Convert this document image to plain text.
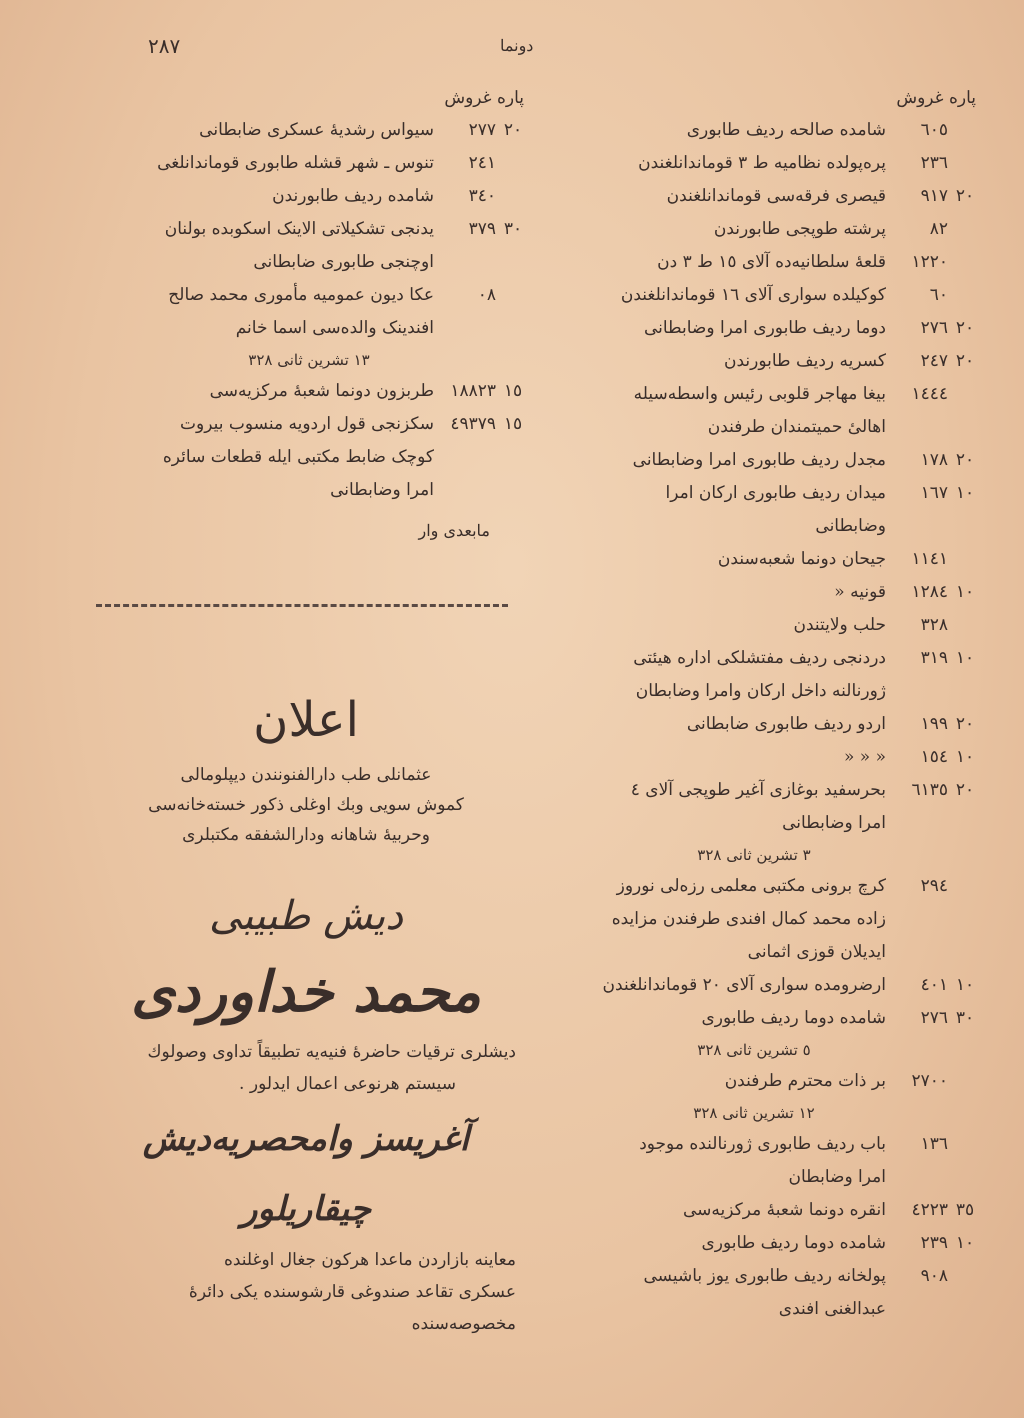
٢٨٧	دونما
پاره غروش
٦٠٥
شامده صالحه ردیف طابوری
٢٣٦
پره‌پولده نظامیه ط ٣ قوماندانلغندن
٢٠
٩١٧
قیصری فرقه‌سی قوماندانلغندن
٨٢
پرشته طوپجی طابورندن
١٢٢٠
قلعهٔ سلطانیه‌ده آلای ١٥ ط ٣ دن
٦٠
کوکیلده سواری آلای ١٦ قوماندانلغندن
٢٠
٢٧٦
دوما ردیف طابوری امرا وضابطانی
٢٠
٢٤٧
کسریه ردیف طابورندن
١٤٤٤
بیغا مهاجر قلوبی رئیس واسطه‌سیله
اهالیٔ حمیتمندان طرفندن
٢٠
١٧٨
مجدل ردیف طابوری امرا وضابطانی
١٠
١٦٧
میدان ردیف طابوری ارکان امرا
وضابطانی
١١٤١
جیحان دونما شعبه‌سندن
١٠
١٢٨٤
قونیه «
٣٢٨
حلب ولایتندن
١٠
٣١٩
دردنجی ردیف مفتشلکی اداره هیئتی
ژورنالنه داخل ارکان وامرا وضابطان
٢٠
١٩٩
اردو ردیف طابوری ضابطانی
١٠
١٥٤
« « «
٢٠
٦١٣٥
بحرسفید بوغازی آغیر طوپجی آلای ٤
امرا وضابطانی
٣ تشرین ثانی ٣٢٨
٢٩٤
کرچ برونی مکتبی معلمی رزه‌لی نوروز
زاده محمد کمال افندی طرفندن مزایده
ایدیلان قوزی اثمانی
١٠
٤٠١
ارضرومده سواری آلای ٢٠ قوماندانلغندن
٣٠
٢٧٦
شامده دوما ردیف طابوری
٥ تشرین ثانی ٣٢٨
٢٧٠٠
بر ذات محترم طرفندن
١٢ تشرین ثانی ٣٢٨
١٣٦
باب ردیف طابوری ژورنالنده موجود
امرا وضابطان
٣٥
٤٢٢٣
انقره دونما شعبهٔ مرکزیه‌سی
١٠
٢٣٩
شامده دوما ردیف طابوری
٩٠٨
پولخانه ردیف طابوری یوز باشیسی
عبدالغنی افندی
پاره غروش
٢٠
٢٧٧
سیواس رشدیهٔ عسکری ضابطانی
٢٤١
تنوس ـ شهر قشله طابوری قوماندانلغی
٣٤٠
شامده ردیف طابورندن
٣٠
٣٧٩
یدنجی تشکیلاتی الاینک اسکوبده بولنان
اوچنجی طابوری ضابطانی
٠٨
عکا دیون عمومیه مأموری محمد صالح
افندینک والده‌سی اسما خانم
١٣ تشرین ثانی ٣٢٨
١٥
١٨٨٢٣
طربزون دونما شعبهٔ مرکزیه‌سی
١٥
٤٩٣٧٩
سکزنجی قول اردویه منسوب بیروت
کوچک ضابط مکتبی ایله قطعات سائره
امرا وضابطانی
مابعدی وار
اعلان
عثمانلی طب دارالفنونندن دیپلومالی
کموش سویی وبك اوغلی ذکور خسته‌خانه‌سی
وحربیهٔ شاهانه ودارالشفقه مکتبلری
دیش طبیبی
محمد خداوردی
دیشلری ترقیات حاضرهٔ فنیه‌یه تطبیقاً تداوی وصولوك
سیستم هرنوعی اعمال ایدلور .
آغریسز وامحصریه‌دیش چیقاریلور
معاینه بازاردن ماعدا هرکون جغال اوغلنده
عسکری تقاعد صندوغی قارشوسنده یکی دائرهٔ
مخصوصه‌سنده
